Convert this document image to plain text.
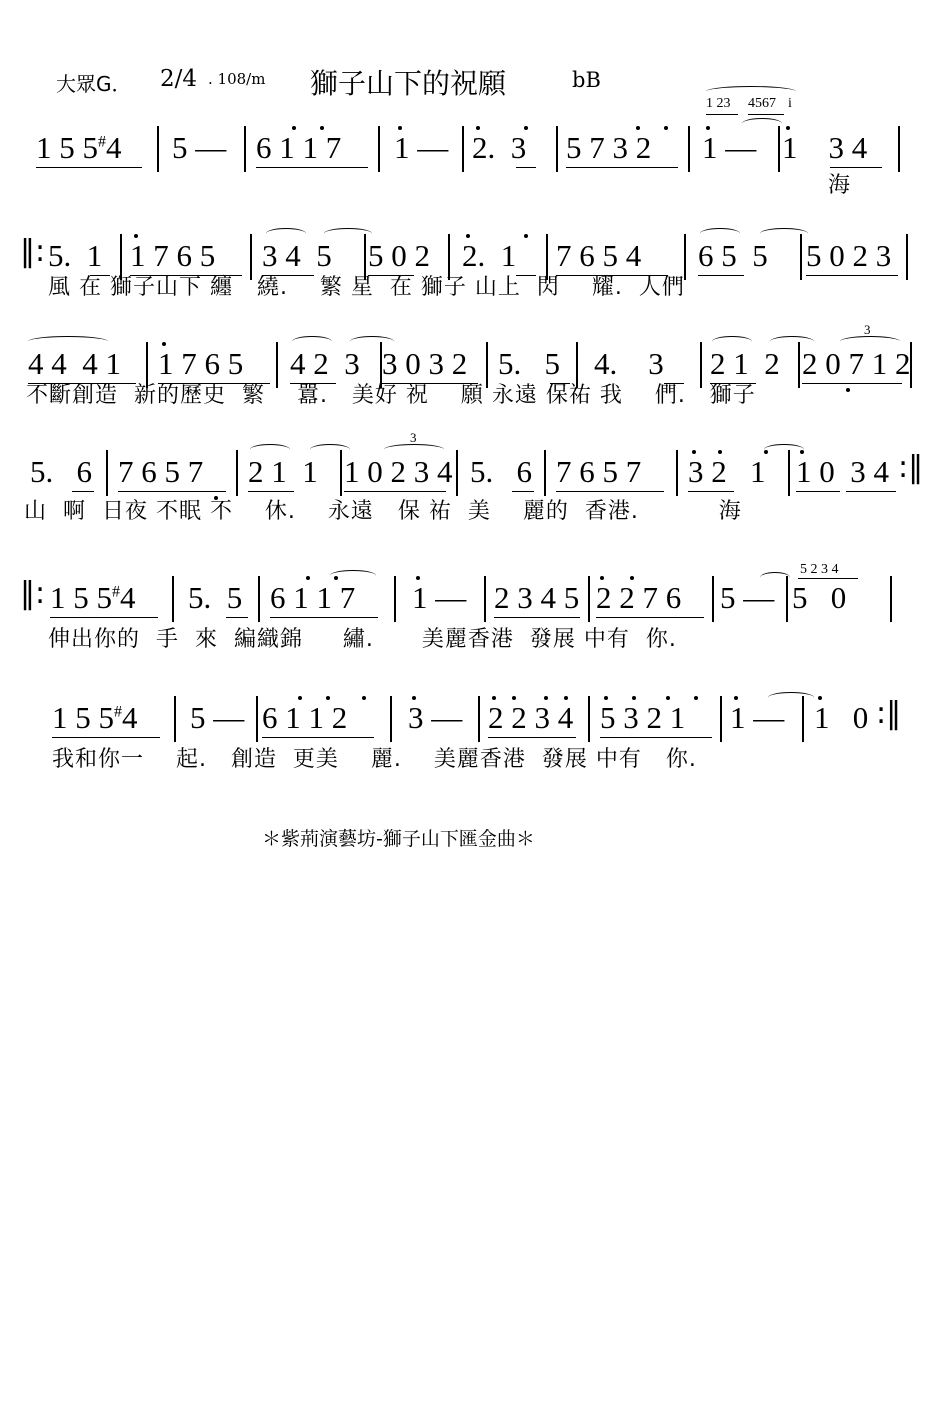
大眾G． 2/4 . 108/m 獅子山下的祝願	bB
1 5 5#4 5 — 6 1 1 7 1 — 2.  3 5 7 3 2 1 — 1    3 4
1 23 4567 i
海
‖: 5.  1 1 7 6 5 3 4  5 5 0 2 2.  1 7 6 5 4 6 5  5 5 0 2 3
風 在 獅子山下 纏   繞.    繁 星  在 獅子 山上  閃    耀.  人們
4 4  4 1 1 7 6 5 4 2  3 3 0 3 2 5.   5 4.    3 2 1  2 2 0 7 1 2
3
不斷創造  新的歷史  繁    囂.   美好 祝    願 永遠 保祐 我    們.   獅子
5.   6 7 6 5 7 2 1  1 1 0 2 3 4
3
5.   6 7 6 5 7 3 2   1 1 0  3 4 :‖
山  啊  日夜 不眠 不    休.    永遠   保 祐  美    麗的  香港.          海
‖: 1 5 5#4 5.  5 6 1 1 7 1 — 2 3 4 5 2 2 7 6 5 — 5   0
5 2 3 4
伸出你的  手  來  編織錦     繡.      美麗香港  發展 中有  你.
1 5 5#4 5 — 6 1 1 2 3 — 2 2 3 4 5 3 2 1 1 — 1   0 :‖
我和你一    起.   創造  更美    麗.    美麗香港  發展 中有   你.
＊紫荊演藝坊-獅子山下匯金曲＊
